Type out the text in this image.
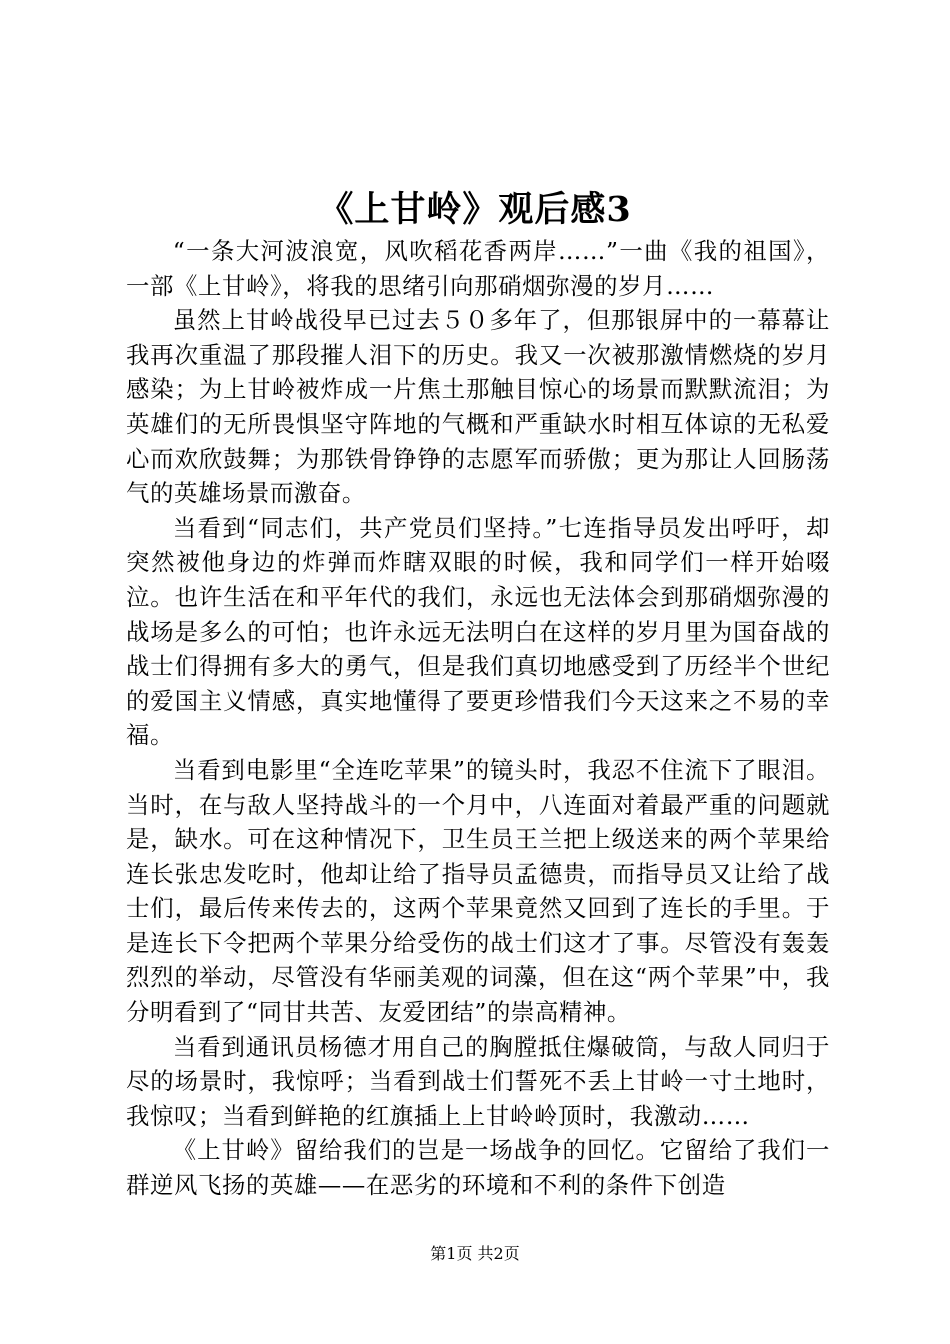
《上甘岭》观后感3

“一条大河波浪宽，风吹稻花香两岸……”一曲《我的祖国》，一部《上甘岭》，将我的思绪引向那硝烟弥漫的岁月……

虽然上甘岭战役早已过去５０多年了，但那银屏中的一幕幕让我再次重温了那段摧人泪下的历史。我又一次被那激情燃烧的岁月感染；为上甘岭被炸成一片焦土那触目惊心的场景而默默流泪；为英雄们的无所畏惧坚守阵地的气概和严重缺水时相互体谅的无私爱心而欢欣鼓舞；为那铁骨铮铮的志愿军而骄傲；更为那让人回肠荡气的英雄场景而激奋。

当看到“同志们，共产党员们坚持。”七连指导员发出呼吁，却突然被他身边的炸弹而炸瞎双眼的时候，我和同学们一样开始啜泣。也许生活在和平年代的我们，永远也无法体会到那硝烟弥漫的战场是多么的可怕；也许永远无法明白在这样的岁月里为国奋战的战士们得拥有多大的勇气，但是我们真切地感受到了历经半个世纪的爱国主义情感，真实地懂得了要更珍惜我们今天这来之不易的幸福。

当看到电影里“全连吃苹果”的镜头时，我忍不住流下了眼泪。当时，在与敌人坚持战斗的一个月中，八连面对着最严重的问题就是，缺水。可在这种情况下，卫生员王兰把上级送来的两个苹果给连长张忠发吃时，他却让给了指导员孟德贵，而指导员又让给了战士们，最后传来传去的，这两个苹果竟然又回到了连长的手里。于是连长下令把两个苹果分给受伤的战士们这才了事。尽管没有轰轰烈烈的举动，尽管没有华丽美观的词藻，但在这“两个苹果”中，我分明看到了“同甘共苦、友爱团结”的崇高精神。

当看到通讯员杨德才用自己的胸膛抵住爆破筒，与敌人同归于尽的场景时，我惊呼；当看到战士们誓死不丢上甘岭一寸土地时，我惊叹；当看到鲜艳的红旗插上上甘岭岭顶时，我激动……

《上甘岭》留给我们的岂是一场战争的回忆。它留给了我们一群逆风飞扬的英雄——在恶劣的环境和不利的条件下创造

第1页 共2页
